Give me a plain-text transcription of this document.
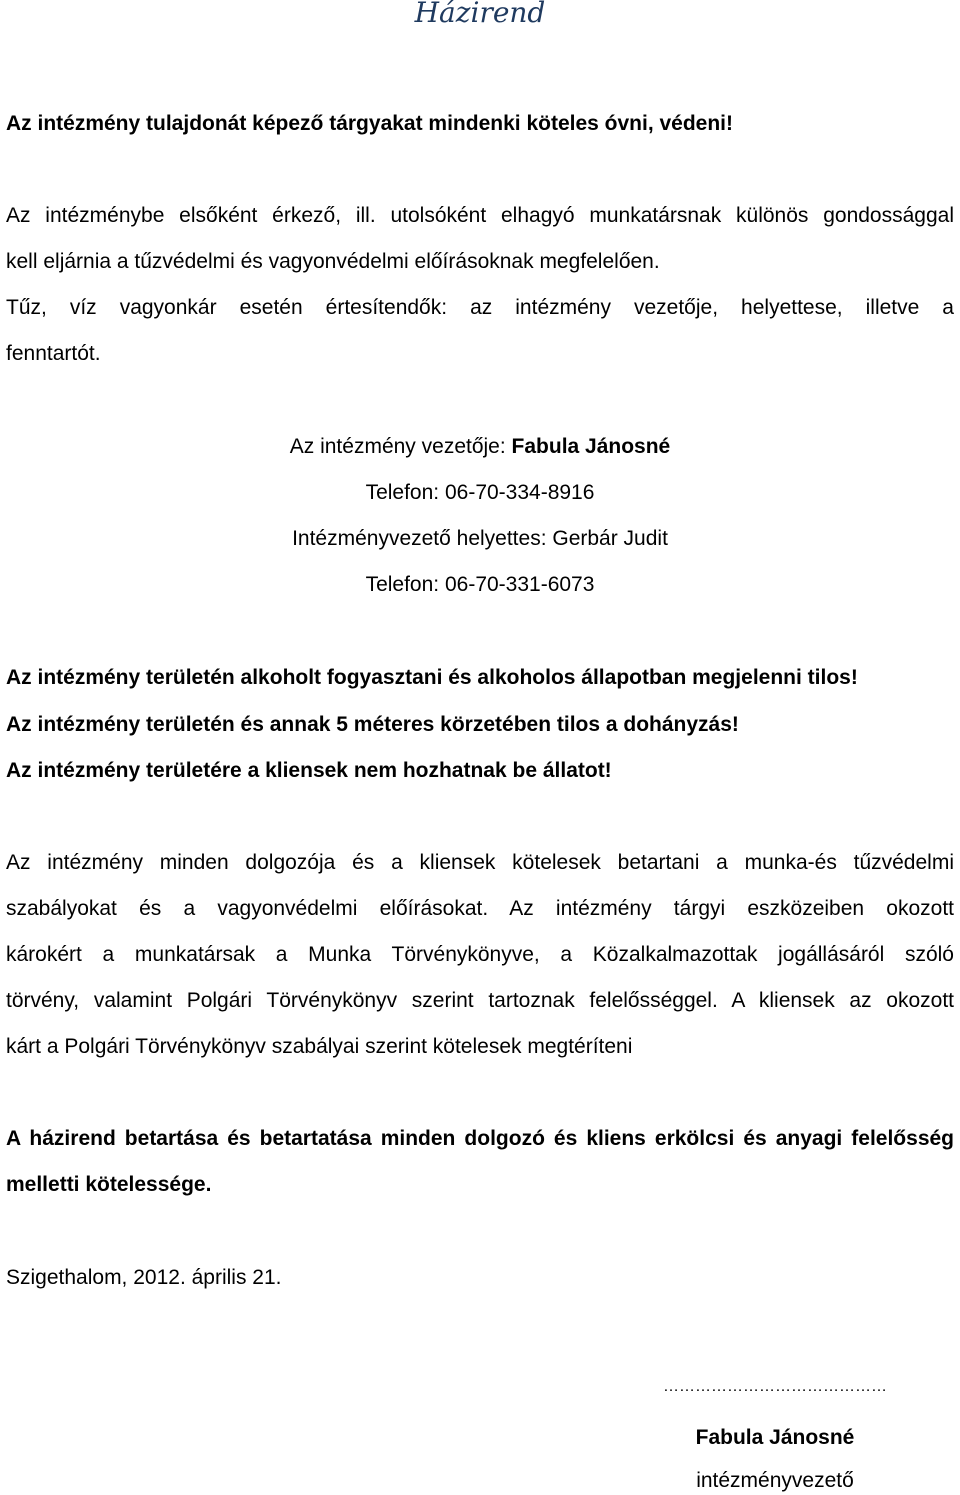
Házirend

Az intézmény tulajdonát képező tárgyakat mindenki köteles óvni, védeni!

Az intézménybe elsőként érkező, ill. utolsóként elhagyó munkatársnak különös gondossággal

kell eljárnia a tűzvédelmi és vagyonvédelmi előírásoknak megfelelően.

Tűz, víz vagyonkár esetén értesítendők: az intézmény vezetője, helyettese, illetve a

fenntartót.

Az intézmény vezetője: Fabula Jánosné

Telefon: 06-70-334-8916

Intézményvezető helyettes: Gerbár Judit

Telefon: 06-70-331-6073

Az intézmény területén alkoholt fogyasztani és alkoholos állapotban megjelenni tilos!

Az intézmény területén és annak 5 méteres körzetében tilos a dohányzás!

Az intézmény területére a kliensek nem hozhatnak be állatot!

Az intézmény minden dolgozója és a kliensek kötelesek betartani a munka-és tűzvédelmi

szabályokat és a vagyonvédelmi előírásokat. Az intézmény tárgyi eszközeiben okozott

károkért a munkatársak a Munka Törvénykönyve, a Közalkalmazottak jogállásáról szóló

törvény, valamint Polgári Törvénykönyv szerint tartoznak felelősséggel. A kliensek az okozott

kárt a Polgári Törvénykönyv szabályai szerint kötelesek megtéríteni

A házirend betartása és betartatása minden dolgozó és kliens erkölcsi és anyagi felelősség

melletti kötelessége.

Szigethalom, 2012. április 21.

……………………………………

Fabula Jánosné

intézményvezető
